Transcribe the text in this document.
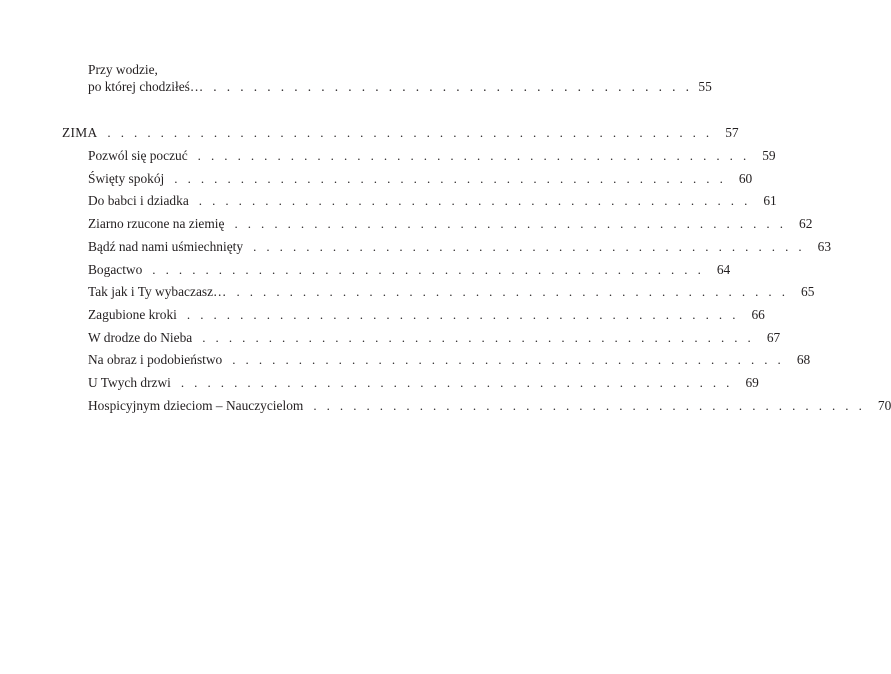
Przy wodzie,
po której chodziłeś… . . . . . . . . . . . . . . . . . . . . . . . . . . . . . . . . . . . . 55
ZIMA . . . . . . . . . . . . . . . . . . . . . . . . . . . . . . . . . . . . . . . . . . . . . . 57
Pozwól się poczuć . . . . . . . . . . . . . . . . . . . . . . . . . . . . . . . . . . . . . . . . . . 59
Święty spokój . . . . . . . . . . . . . . . . . . . . . . . . . . . . . . . . . . . . . . . . . . 60
Do babci i dziadka . . . . . . . . . . . . . . . . . . . . . . . . . . . . . . . . . . . . . . . . . . 61
Ziarno rzucone na ziemię . . . . . . . . . . . . . . . . . . . . . . . . . . . . . . . . . . . . . . . . . . 62
Bądź nad nami uśmiechnięty . . . . . . . . . . . . . . . . . . . . . . . . . . . . . . . . . . . . . . . . . . 63
Bogactwo . . . . . . . . . . . . . . . . . . . . . . . . . . . . . . . . . . . . . . . . . . 64
Tak jak i Ty wybaczasz… . . . . . . . . . . . . . . . . . . . . . . . . . . . . . . . . . . . . . . . . . . 65
Zagubione kroki . . . . . . . . . . . . . . . . . . . . . . . . . . . . . . . . . . . . . . . . . . 66
W drodze do Nieba . . . . . . . . . . . . . . . . . . . . . . . . . . . . . . . . . . . . . . . . . . 67
Na obraz i podobieństwo . . . . . . . . . . . . . . . . . . . . . . . . . . . . . . . . . . . . . . . . . . 68
U Twych drzwi . . . . . . . . . . . . . . . . . . . . . . . . . . . . . . . . . . . . . . . . . . 69
Hospicyjnym dzieciom – Nauczycielom . . . . . . . . . . . . . . . . . . . . . . . . . . . . . . . . . . . . . . . . . . 70
